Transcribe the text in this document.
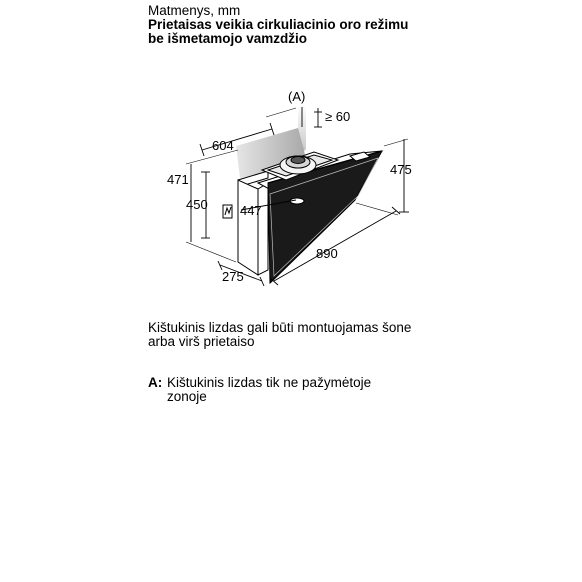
Matmenys, mm
Prietaisas veikia cirkuliacinio oro režimu
be išmetamojo vamzdžio
(A)
≥ 60
604
471
450 447
275
890
475
Kištukinis lizdas gali būti montuojamas šone
arba virš prietaiso
A: Kištukinis lizdas tik ne pažymėtoje
zonoje
